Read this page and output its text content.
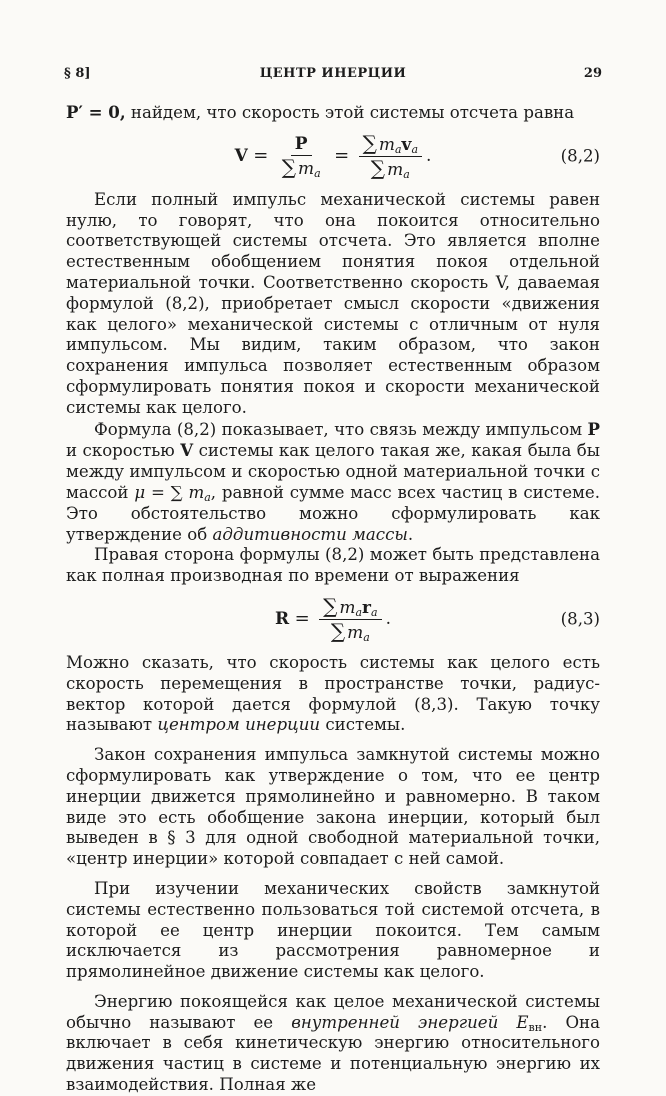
§ 8]	ЦЕНТР ИНЕРЦИИ	29

P′ = 0, найдем, что скорость этой системы отсчета равна

$V = \frac{P}{\sum m_a} = \frac{\sum m_av_a}{\sum m_a}$ .	(8,2)

Если полный импульс механической системы равен нулю, то говорят, что она покоится относительно соответствующей системы отсчета. Это является вполне естественным обобщением понятия покоя отдельной материальной точки. Соответственно скорость V, даваемая формулой (8,2), приобретает смысл скорости «движения как целого» механической системы с отличным от нуля импульсом. Мы видим, таким образом, что закон сохранения импульса позволяет естественным образом сформулировать понятия покоя и скорости механической системы как целого.

Формула (8,2) показывает, что связь между импульсом P и скоростью V системы как целого такая же, какая была бы между импульсом и скоростью одной материальной точки с массой μ = ∑ $m_a$, равной сумме масс всех частиц в системе. Это обстоятельство можно сформулировать как утверждение об аддитивности массы.

Правая сторона формулы (8,2) может быть представлена как полная производная по времени от выражения

$R = \frac{\sum m_ar_a}{\sum m_a}$ .	(8,3)

Можно сказать, что скорость системы как целого есть скорость перемещения в пространстве точки, радиус-вектор которой дается формулой (8,3). Такую точку называют центром инерции системы.

Закон сохранения импульса замкнутой системы можно сформулировать как утверждение о том, что ее центр инерции движется прямолинейно и равномерно. В таком виде это есть обобщение закона инерции, который был выведен в § 3 для одной свободной материальной точки, «центр инерции» которой совпадает с ней самой.

При изучении механических свойств замкнутой системы естественно пользоваться той системой отсчета, в которой ее центр инерции покоится. Тем самым исключается из рассмотрения равномерное и прямолинейное движение системы как целого.

Энергию покоящейся как целое механической системы обычно называют ее внутренней энергией $E_{вн}$. Она включает в себя кинетическую энергию относительного движения частиц в системе и потенциальную энергию их взаимодействия. Полная же
